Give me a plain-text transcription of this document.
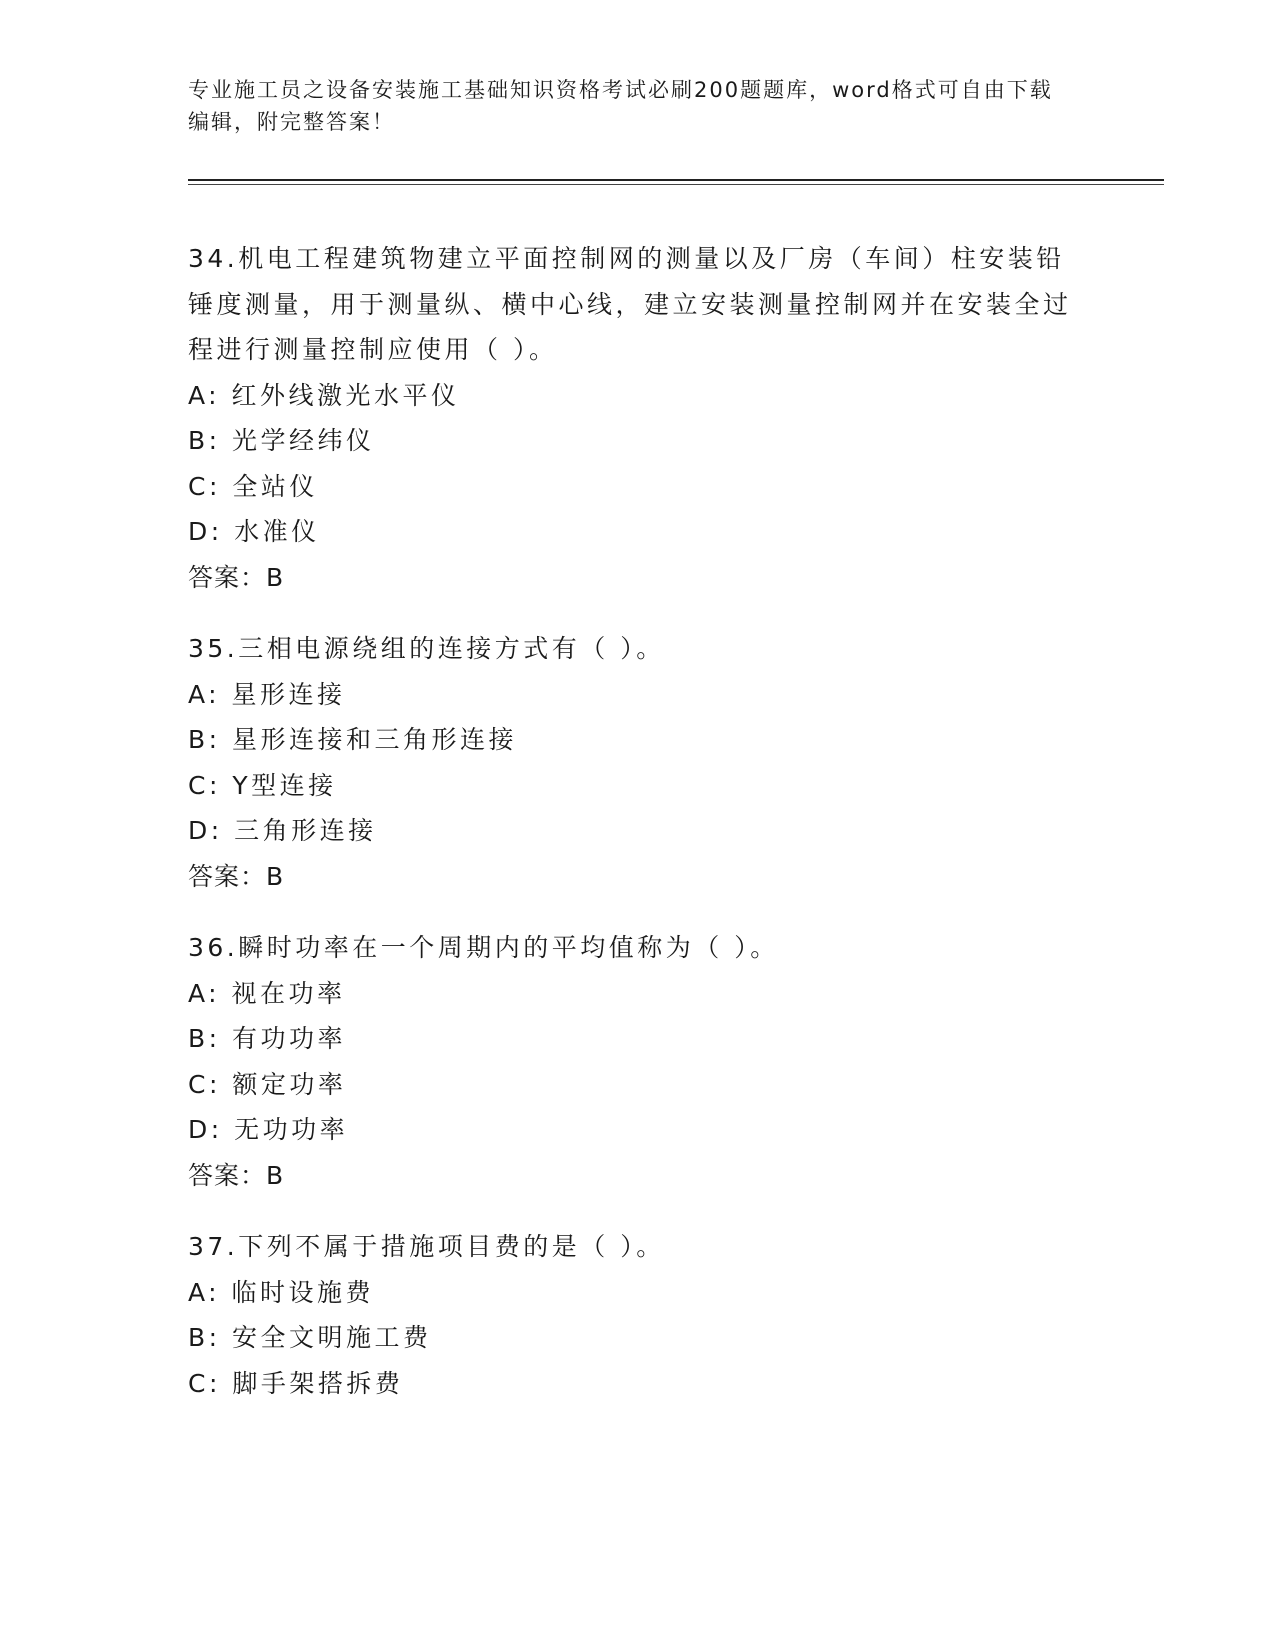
专业施工员之设备安装施工基础知识资格考试必刷200题题库，word格式可自由下载编辑，附完整答案！
34.机电工程建筑物建立平面控制网的测量以及厂房（车间）柱安装铅锤度测量，用于测量纵、横中心线，建立安装测量控制网并在安装全过程进行测量控制应使用（ ）。
A: 红外线激光水平仪
B: 光学经纬仪
C: 全站仪
D: 水准仪
答案：B
35.三相电源绕组的连接方式有（ ）。
A: 星形连接
B: 星形连接和三角形连接
C: Y型连接
D: 三角形连接
答案：B
36.瞬时功率在一个周期内的平均值称为（ ）。
A: 视在功率
B: 有功功率
C: 额定功率
D: 无功功率
答案：B
37.下列不属于措施项目费的是（ ）。
A: 临时设施费
B: 安全文明施工费
C: 脚手架搭拆费
